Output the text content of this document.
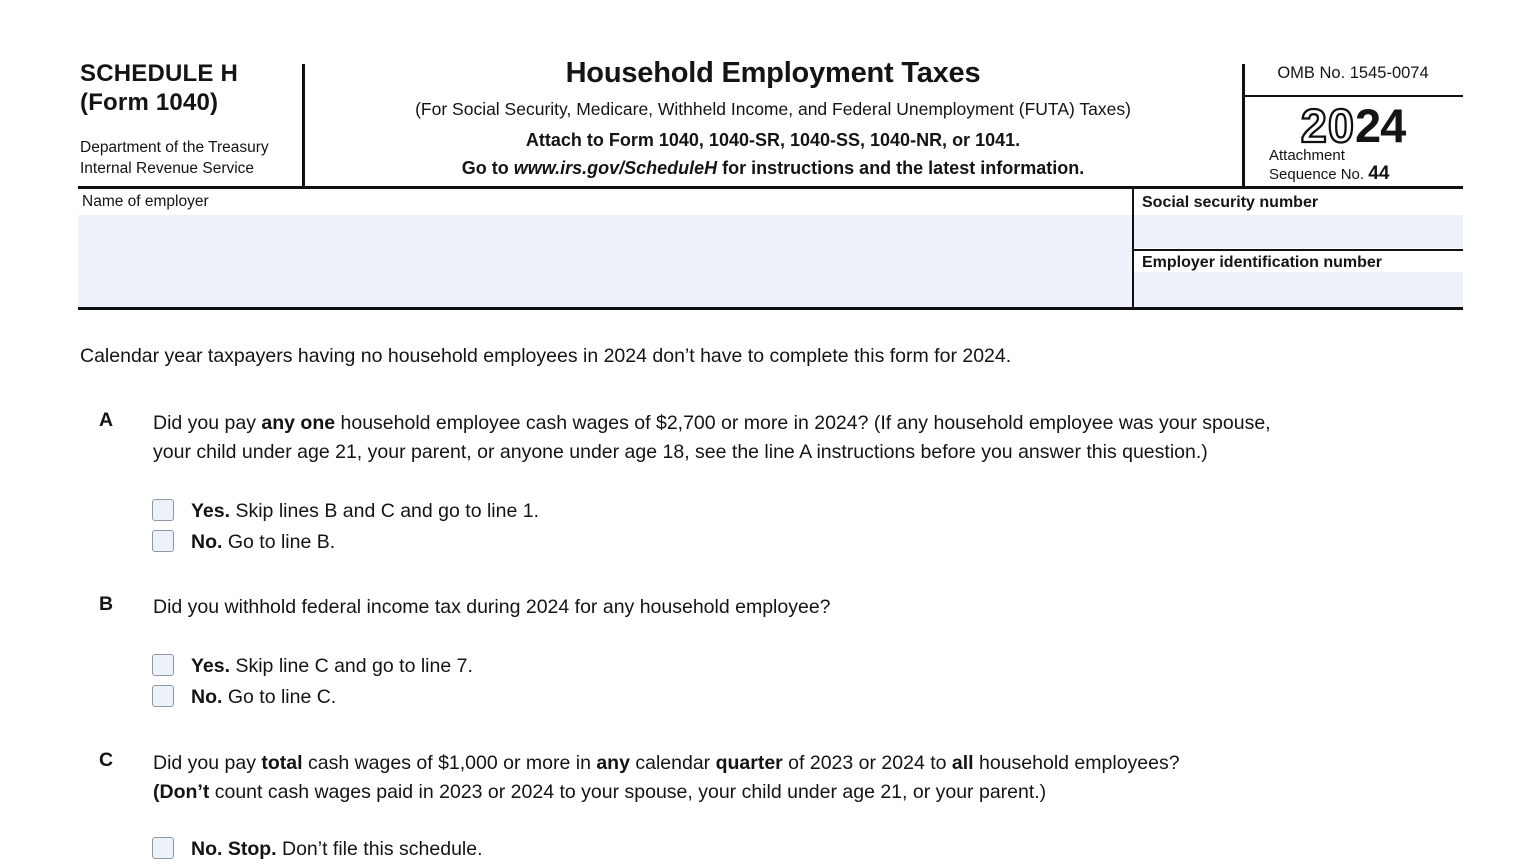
SCHEDULE H
(Form 1040)
Department of the Treasury
Internal Revenue Service
Household Employment Taxes
(For Social Security, Medicare, Withheld Income, and Federal Unemployment (FUTA) Taxes)
Attach to Form 1040, 1040-SR, 1040-SS, 1040-NR, or 1041.
Go to www.irs.gov/ScheduleH for instructions and the latest information.
OMB No. 1545-0074
2024
Attachment
Sequence No. 44
Name of employer	Social security number
Employer identification number
Calendar year taxpayers having no household employees in 2024 don’t have to complete this form for 2024.
A Did you pay any one household employee cash wages of $2,700 or more in 2024? (If any household employee was your spouse,
your child under age 21, your parent, or anyone under age 18, see the line A instructions before you answer this question.)
Yes. Skip lines B and C and go to line 1.
No. Go to line B.
B Did you withhold federal income tax during 2024 for any household employee?
Yes. Skip line C and go to line 7.
No. Go to line C.
C Did you pay total cash wages of $1,000 or more in any calendar quarter of 2023 or 2024 to all household employees?
(Don’t count cash wages paid in 2023 or 2024 to your spouse, your child under age 21, or your parent.)
No. Stop. Don’t file this schedule.
